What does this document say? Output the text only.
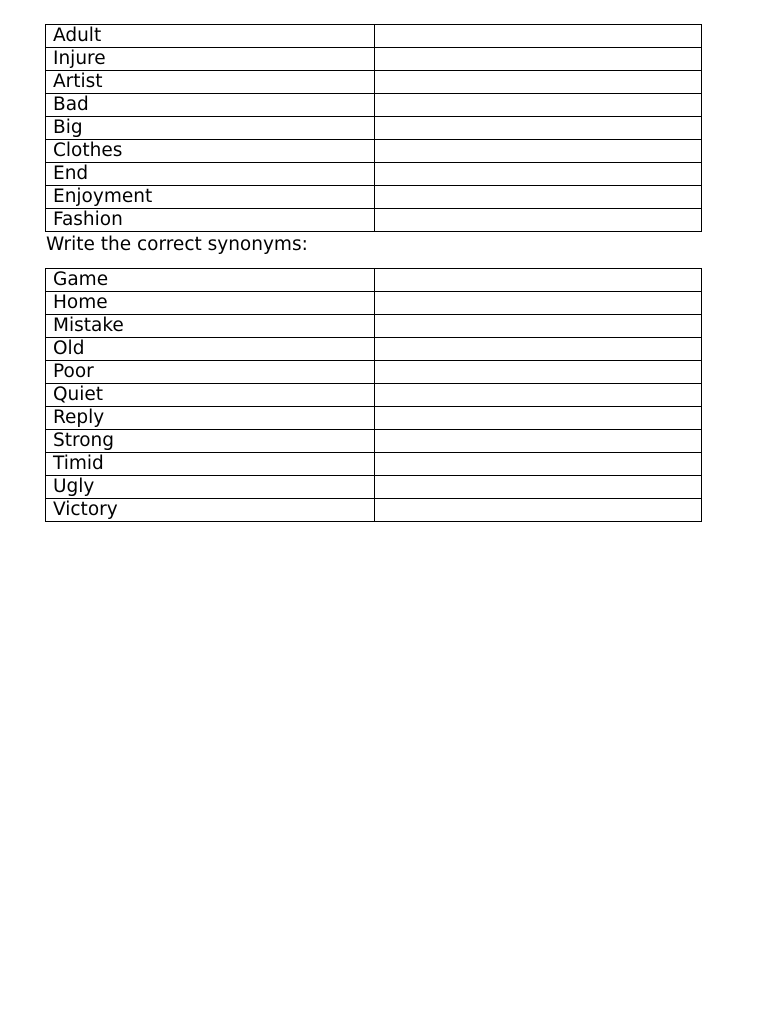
Adult	
Injure	
Artist	
Bad	
Big	
Clothes	
End	
Enjoyment	
Fashion	

Write the correct synonyms:

Game	
Home	
Mistake	
Old	
Poor	
Quiet	
Reply	
Strong	
Timid	
Ugly	
Victory	
